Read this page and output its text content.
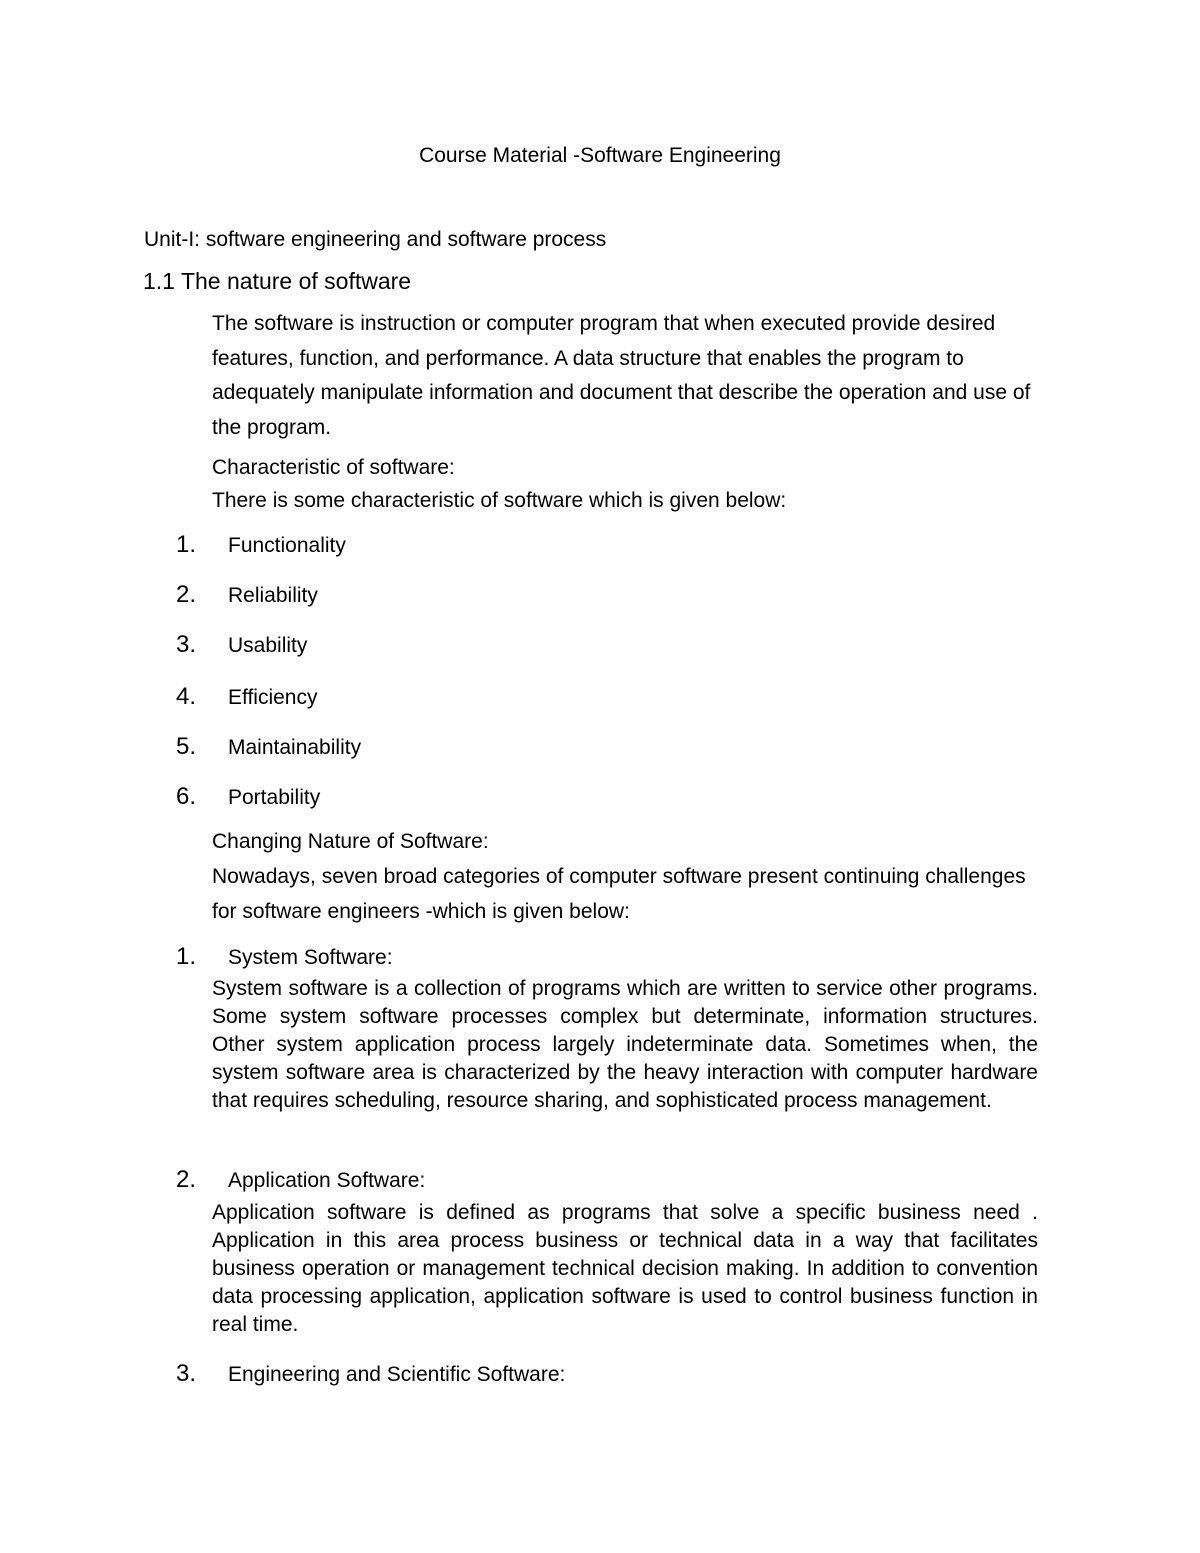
Course Material -Software Engineering
Unit-I: software engineering and software process
1.1 The nature of software
The software is instruction or computer program that when executed provide desired features, function, and performance. A data structure that enables the program to adequately manipulate information and document that describe the operation and use of the program.
Characteristic of software:
There is some characteristic of software which is given below:
1.	Functionality
2.	Reliability
3.	Usability
4.	Efficiency
5.	Maintainability
6.	Portability
Changing Nature of Software:
Nowadays, seven broad categories of computer software present continuing challenges for software engineers -which is given below:
1.	System Software:
System software is a collection of programs which are written to service other programs. Some system software processes complex but determinate, information structures. Other system application process largely indeterminate data. Sometimes when, the system software area is characterized by the heavy interaction with computer hardware that requires scheduling, resource sharing, and sophisticated process management.
2.	Application Software:
Application software is defined as programs that solve a specific business need . Application in this area process business or technical data in a way that facilitates business operation or management technical decision making. In addition to convention data processing application, application software is used to control business function in real time.
3.	Engineering and Scientific Software:
